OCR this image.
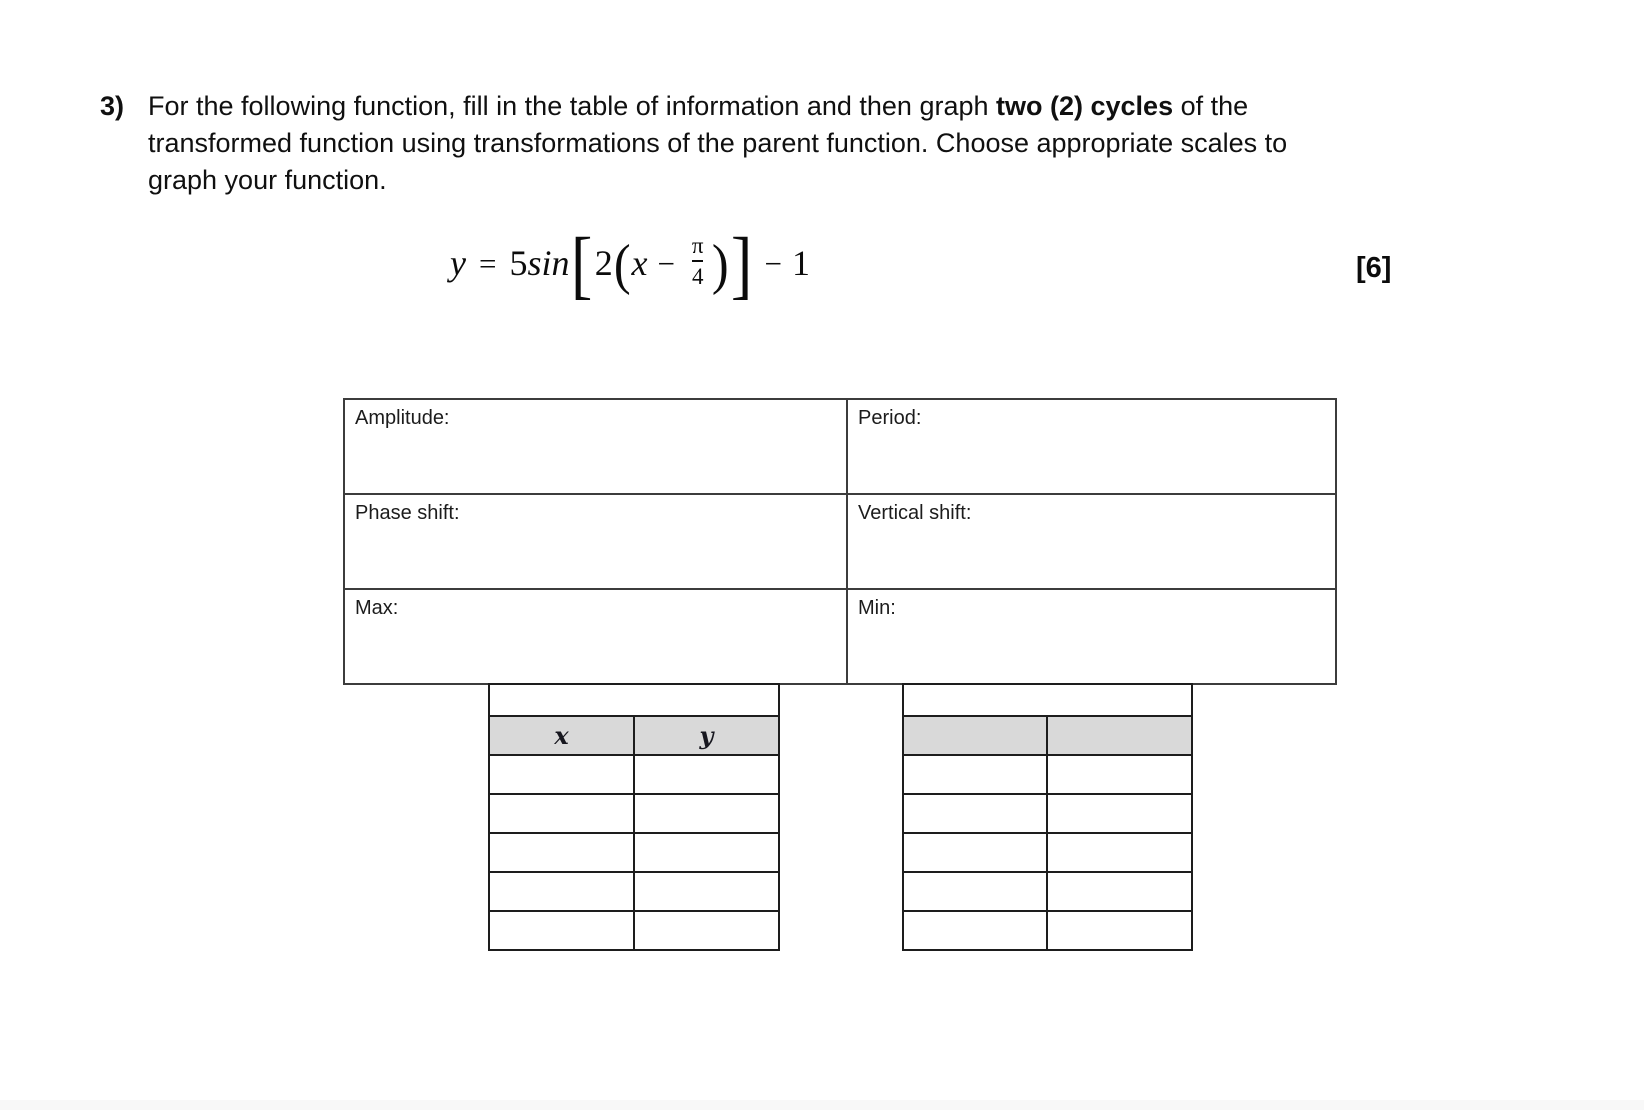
3) For the following function, fill in the table of information and then graph two (2) cycles of the
transformed function using transformations of the parent function. Choose appropriate scales to
graph your function.
y = 5 sin [ 2 ( $x - \frac{\pi}{4}$ ) ] − 1	[6]
Amplitude:	Period:
Phase shift:	Vertical shift:
Max:	Min:

x	y
